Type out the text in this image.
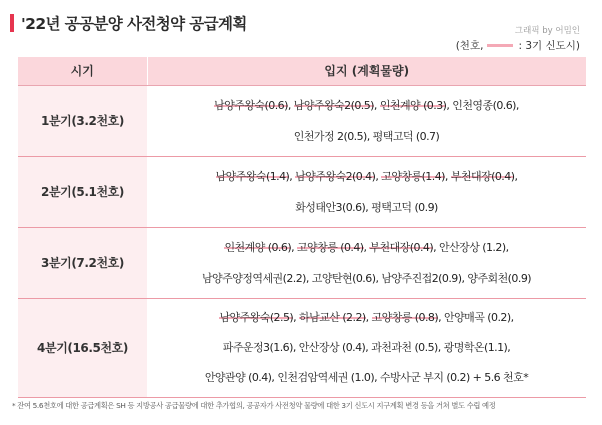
'22년 공공분양 사전청약 공급계획	그래픽 by 어밈인
(천호,	: 3기 신도시)
시기	입지 (계획물량)
1분기(3.2천호)	남양주왕숙(0.6), 남양주왕숙2(0.5), 인천계양 (0.3), 인천영종(0.6),
인천가정 2(0.5), 평택고덕 (0.7)

2분기(5.1천호)	남양주왕숙(1.4), 남양주왕숙2(0.4), 고양창릉(1.4), 부천대장(0.4),
화성태안3(0.6), 평택고덕 (0.9)

3분기(7.2천호)	인천계양 (0.6), 고양창릉 (0.4), 부천대장(0.4), 안산장상 (1.2),
남양주양정역세권(2.2), 고양탄현(0.6), 남양주진접2(0.9), 양주회천(0.9)

4분기(16.5천호)	남양주왕숙(2.5), 하남교산 (2.2), 고양창릉 (0.8), 안양매곡 (0.2),
파주운정3(1.6), 안산장상 (0.4), 과천과천 (0.5), 광명학온(1.1),
안양관양 (0.4), 인천검암역세권 (1.0), 수방사군 부지 (0.2) + 5.6 천호*
* 잔여 5.6천호에 대한 공급계획은 SH 등 지방공사 공급물량에 대한 추가협의, 공공자가 사전청약 물량에 대한 3기 신도시 지구계획 변경 등을 거쳐 별도 수립 예정
